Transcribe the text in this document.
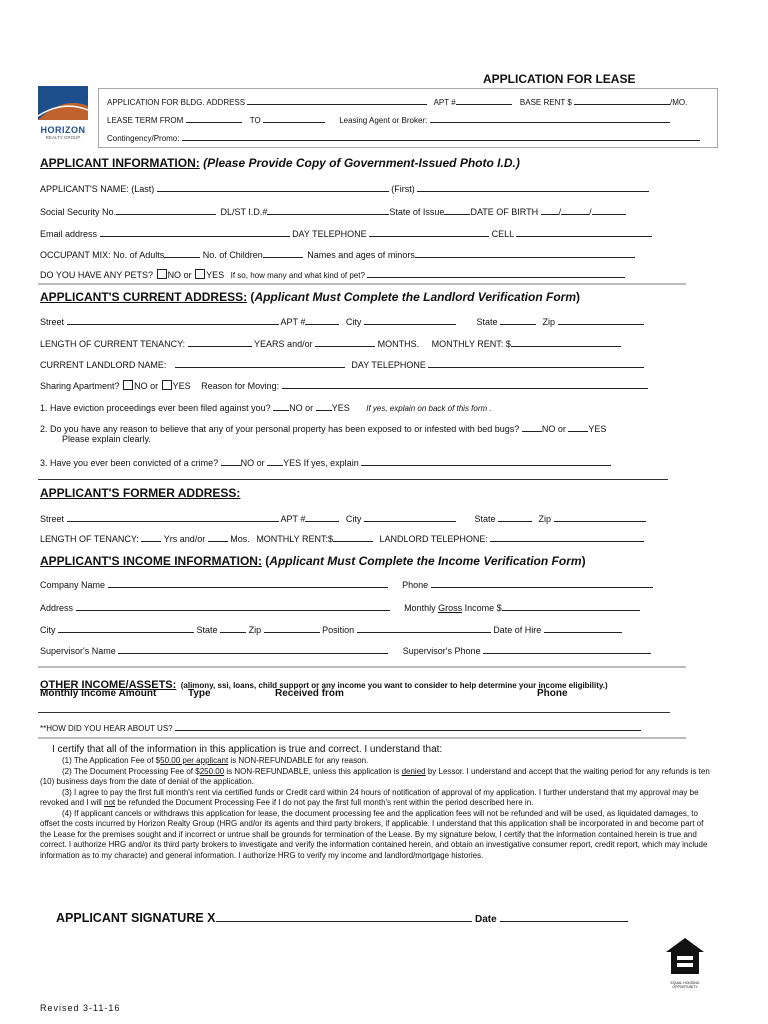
HORIZON
REALTY GROUP
APPLICATION FOR LEASE
APPLICATION FOR BLDG. ADDRESS	APT #	BASE RENT $	/MO.
LEASE TERM FROM	TO	Leasing Agent or Broker:
Contingency/Promo:
APPLICANT INFORMATION: (Please Provide Copy of Government-Issued Photo I.D.)
APPLICANT'S NAME: (Last)	(First)
Social Security No.	DL/ST I.D.#	State of Issue	DATE OF BIRTH /	/
Email address	DAY TELEPHONE	CELL
OCCUPANT MIX: No. of Adults	No. of Children	Names and ages of minors
DO YOU HAVE ANY PETS? NO or YES If so, how many and what kind of pet?
APPLICANT'S CURRENT ADDRESS: (Applicant Must Complete the Landlord Verification Form)
Street	APT #	City	State	Zip
LENGTH OF CURRENT TENANCY:	YEARS and/or	MONTHS. MONTHLY RENT: $
CURRENT LANDLORD NAME:	DAY TELEPHONE
Sharing Apartment? NO or YES Reason for Moving:
1. Have eviction proceedings ever been filed against you? NO or YES If yes, explain on back of this form .
2. Do you have any reason to believe that any of your personal property has been exposed to or infested with bed bugs?	NO or	YES
Please explain clearly.
3. Have you ever been convicted of a crime?	NO or YES If yes, explain
APPLICANT'S FORMER ADDRESS:
Street	APT #	City	State	Zip
LENGTH OF TENANCY:	Yrs and/or	Mos. MONTHLY RENT:$	LANDLORD TELEPHONE:
APPLICANT'S INCOME INFORMATION: (Applicant Must Complete the Income Verification Form)
Company Name	Phone
Address	Monthly Gross Income $
City	State	Zip	Position	Date of Hire
Supervisor's Name	Supervisor's Phone
OTHER INCOME/ASSETS: (alimony, ssi, loans, child support or any income you want to consider to help determine your income eligibility.)
Monthly Income Amount	Type	Received from	Phone
**HOW DID YOU HEAR ABOUT US?

I certify that all of the information in this application is true and correct. I understand that:

(1) The Application Fee of $50.00 per applicant is NON-REFUNDABLE for any reason.

(2) The Document Processing Fee of $250.00 is NON-REFUNDABLE, unless this application is denied by Lessor. I understand and accept that the waiting period for any refunds is ten (10) business days from the date of denial of the application.

(3) I agree to pay the first full month's rent via certified funds or Credit card within 24 hours of notification of approval of my application. I further understand that my approval may be revoked and I will not be refunded the Document Processing Fee if I do not pay the first full month's rent within the period described here in.

(4) If applicant cancels or withdraws this application for lease, the document processing fee and the application fees will not be refunded and will be used, as liquidated damages, to offset the costs incurred by Horizon Realty Group (HRG and/or its agents and third party brokers, if applicable. I understand that this application shall be incorporated in and become part of the Lease for the premises sought and if incorrect or untrue shall be grounds for termination of the Lease. By my signature below, I certify that the information contained herein is true and correct. I authorize HRG and/or its third party brokers to investigate and verify the information contained herein, and obtain an investigative consumer report, credit report, which may include information as to my characte) and general information. I authorize HRG to verify my income and landlord/mortgage histories.

APPLICANT SIGNATURE X	Date
EQUAL HOUSING OPPORTUNITY
Revised 3-11-16
